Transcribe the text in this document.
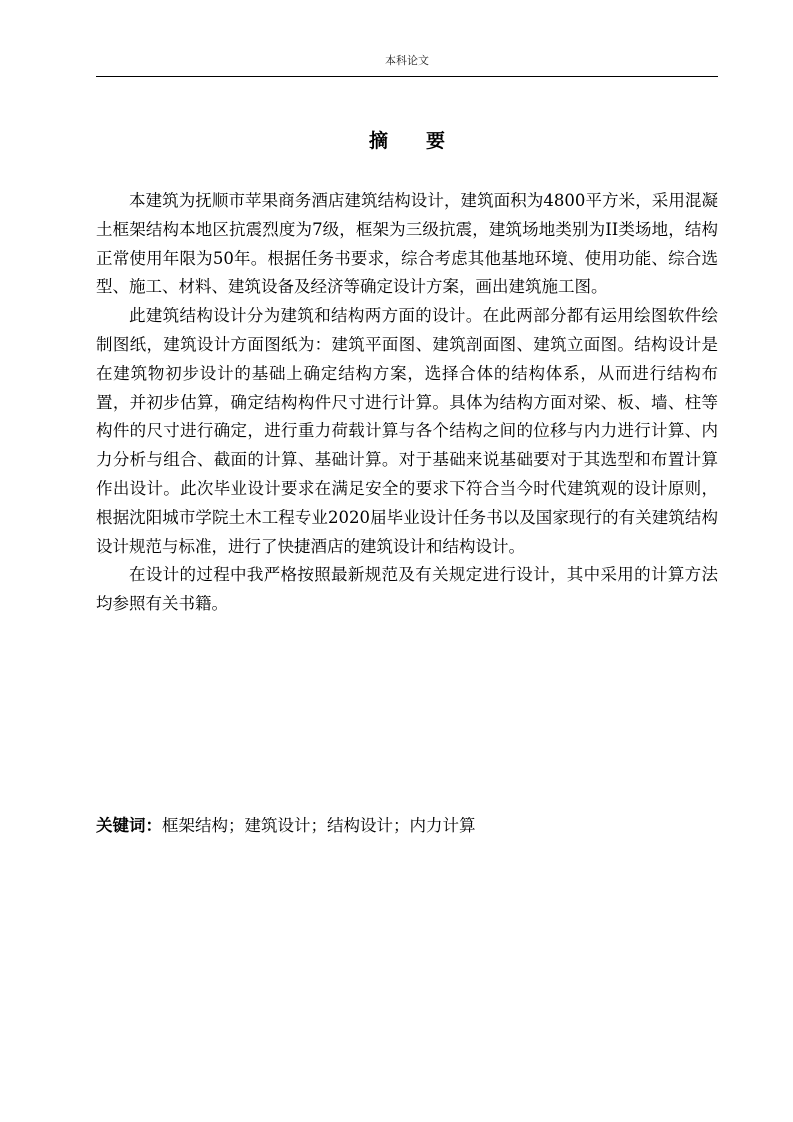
本科论文
摘 要

本建筑为抚顺市苹果商务酒店建筑结构设计，建筑面积为4800平方米，采用混凝土框架结构本地区抗震烈度为7级，框架为三级抗震，建筑场地类别为II类场地，结构正常使用年限为50年。根据任务书要求，综合考虑其他基地环境、使用功能、综合选型、施工、材料、建筑设备及经济等确定设计方案，画出建筑施工图。

此建筑结构设计分为建筑和结构两方面的设计。在此两部分都有运用绘图软件绘制图纸，建筑设计方面图纸为：建筑平面图、建筑剖面图、建筑立面图。结构设计是在建筑物初步设计的基础上确定结构方案，选择合体的结构体系，从而进行结构布置，并初步估算，确定结构构件尺寸进行计算。具体为结构方面对梁、板、墙、柱等构件的尺寸进行确定，进行重力荷载计算与各个结构之间的位移与内力进行计算、内力分析与组合、截面的计算、基础计算。对于基础来说基础要对于其选型和布置计算作出设计。此次毕业设计要求在满足安全的要求下符合当今时代建筑观的设计原则，根据沈阳城市学院土木工程专业2020届毕业设计任务书以及国家现行的有关建筑结构设计规范与标准，进行了快捷酒店的建筑设计和结构设计。

在设计的过程中我严格按照最新规范及有关规定进行设计，其中采用的计算方法均参照有关书籍。

关键词：框架结构；建筑设计；结构设计；内力计算
